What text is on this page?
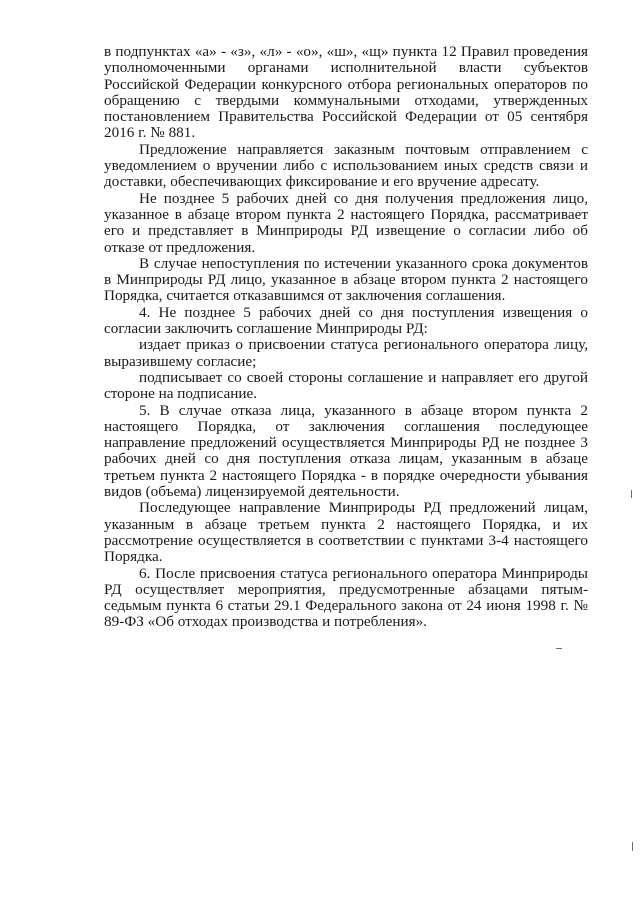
в подпунктах «а» - «з», «л» - «о», «ш», «щ» пункта 12 Правил проведения уполномоченными органами исполнительной власти субъектов Российской Федерации конкурсного отбора региональных операторов по обращению с твердыми коммунальными отходами, утвержденных постановлением Правительства Российской Федерации от 05 сентября 2016 г. № 881.

Предложение направляется заказным почтовым отправлением с уведомлением о вручении либо с использованием иных средств связи и доставки, обеспечивающих фиксирование и его вручение адресату.

Не позднее 5 рабочих дней со дня получения предложения лицо, указанное в абзаце втором пункта 2 настоящего Порядка, рассматривает его и представляет в Минприроды РД извещение о согласии либо об отказе от предложения.

В случае непоступления по истечении указанного срока документов в Минприроды РД лицо, указанное в абзаце втором пункта 2 настоящего Порядка, считается отказавшимся от заключения соглашения.

4. Не позднее 5 рабочих дней со дня поступления извещения о согласии заключить соглашение Минприроды РД:

издает приказ о присвоении статуса регионального оператора лицу, выразившему согласие;

подписывает со своей стороны соглашение и направляет его другой стороне на подписание.

5. В случае отказа лица, указанного в абзаце втором пункта 2 настоящего Порядка, от заключения соглашения последующее направление предложений осуществляется Минприроды РД не позднее 3 рабочих дней со дня поступления отказа лицам, указанным в абзаце третьем пункта 2 настоящего Порядка - в порядке очередности убывания видов (объема) лицензируемой деятельности.

Последующее направление Минприроды РД предложений лицам, указанным в абзаце третьем пункта 2 настоящего Порядка, и их рассмотрение осуществляется в соответствии с пунктами 3-4 настоящего Порядка.

6. После присвоения статуса регионального оператора Минприроды РД осуществляет мероприятия, предусмотренные абзацами пятым-седьмым пункта 6 статьи 29.1 Федерального закона от 24 июня 1998 г. № 89-ФЗ «Об отходах производства и потребления».
